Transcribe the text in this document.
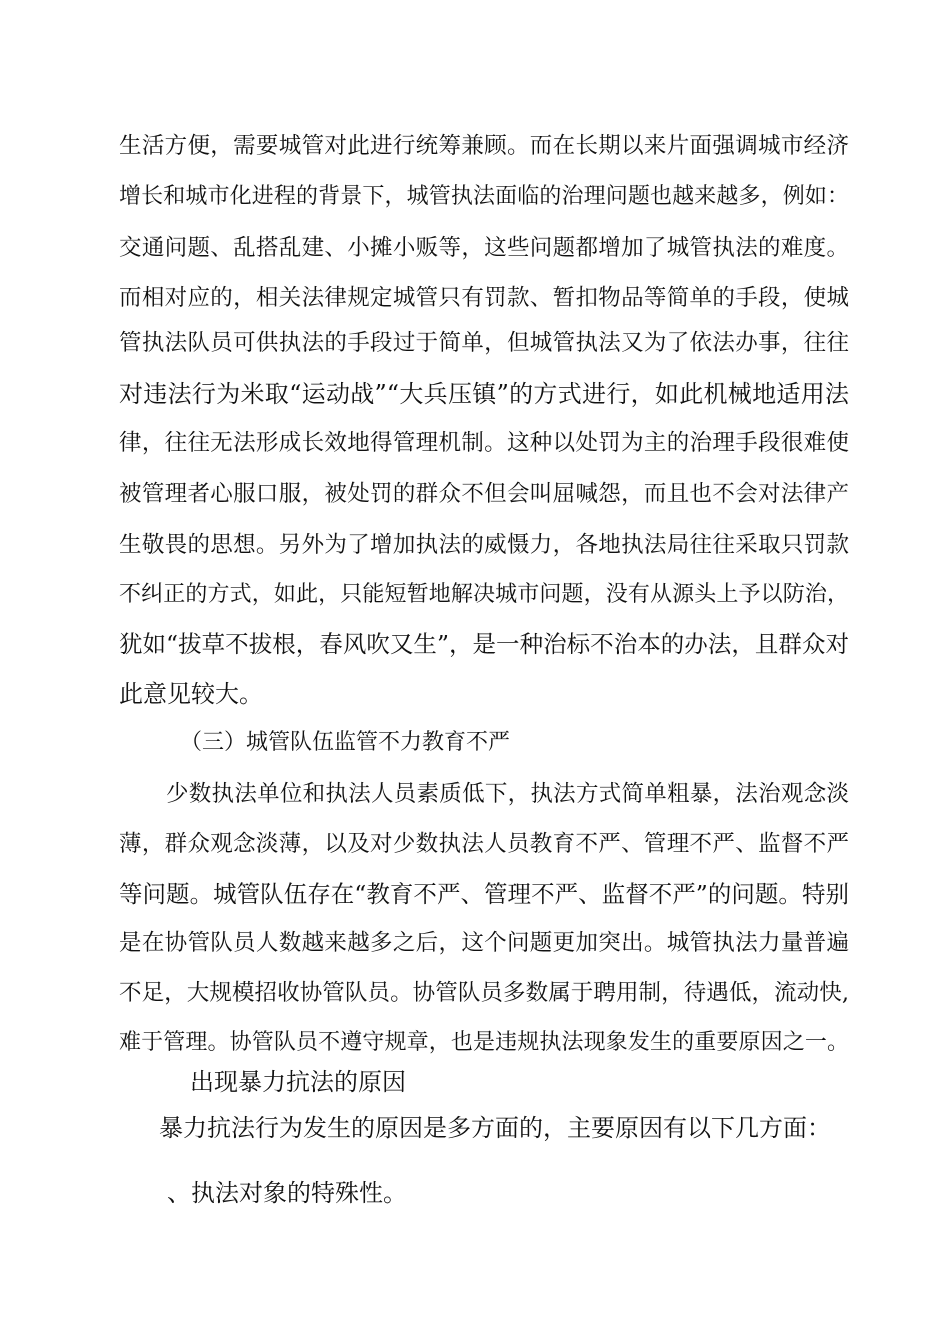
生活方便，需要城管对此进行统筹兼顾。而在长期以来片面强调城市经济
增长和城市化进程的背景下，城管执法面临的治理问题也越来越多，例如：
交通问题、乱搭乱建、小摊小贩等，这些问题都增加了城管执法的难度。
而相对应的，相关法律规定城管只有罚款、暂扣物品等简单的手段，使城
管执法队员可供执法的手段过于简单，但城管执法又为了依法办事，往往
对违法行为米取“运动战”“大兵压镇”的方式进行，如此机械地适用法
律，往往无法形成长效地得管理机制。这种以处罚为主的治理手段很难使
被管理者心服口服，被处罚的群众不但会叫屈喊怨，而且也不会对法律产
生敬畏的思想。另外为了增加执法的威慑力，各地执法局往往采取只罚款
不纠正的方式，如此，只能短暂地解决城市问题，没有从源头上予以防治，
犹如“拔草不拔根，春风吹又生”，是一种治标不治本的办法，且群众对
此意见较大。
（三）城管队伍监管不力教育不严
少数执法单位和执法人员素质低下，执法方式简单粗暴，法治观念淡
薄，群众观念淡薄，以及对少数执法人员教育不严、管理不严、监督不严
等问题。城管队伍存在“教育不严、管理不严、监督不严”的问题。特别
是在协管队员人数越来越多之后，这个问题更加突出。城管执法力量普遍
不足，大规模招收协管队员。协管队员多数属于聘用制，待遇低，流动快,
难于管理。协管队员不遵守规章，也是违规执法现象发生的重要原因之一。
出现暴力抗法的原因
暴力抗法行为发生的原因是多方面的，主要原因有以下几方面：
、执法对象的特殊性。
